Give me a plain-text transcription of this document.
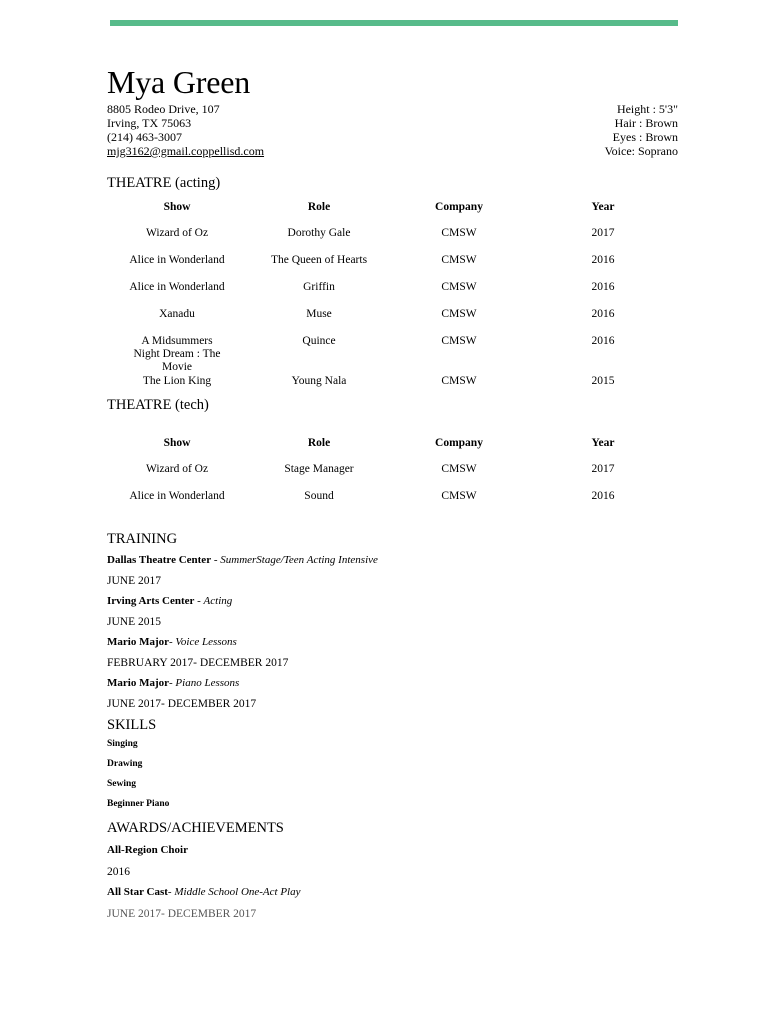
Mya Green
8805 Rodeo Drive, 107
Irving, TX 75063
(214) 463-3007
mjg3162@gmail.coppellisd.com
Height : 5'3"
Hair : Brown
Eyes : Brown
Voice: Soprano
THEATRE (acting)
Show	Role	Company	Year
Wizard of Oz	Dorothy Gale	CMSW	2017
Alice in Wonderland	The Queen of Hearts	CMSW	2016
Alice in Wonderland	Griffin	CMSW	2016
Xanadu	Muse	CMSW	2016
A Midsummers Night Dream : The Movie	Quince	CMSW	2016
The Lion King	Young Nala	CMSW	2015
THEATRE (tech)
Show	Role	Company	Year
Wizard of Oz	Stage Manager	CMSW	2017
Alice in Wonderland	Sound	CMSW	2016
TRAINING
Dallas Theatre Center - SummerStage/Teen Acting Intensive
JUNE 2017
Irving Arts Center - Acting
JUNE 2015
Mario Major- Voice Lessons
FEBRUARY 2017- DECEMBER 2017
Mario Major- Piano Lessons
JUNE 2017- DECEMBER 2017
SKILLS
Singing
Drawing
Sewing
Beginner Piano
AWARDS/ACHIEVEMENTS
All-Region Choir
2016
All Star Cast- Middle School One-Act Play
JUNE 2017- DECEMBER 2017
